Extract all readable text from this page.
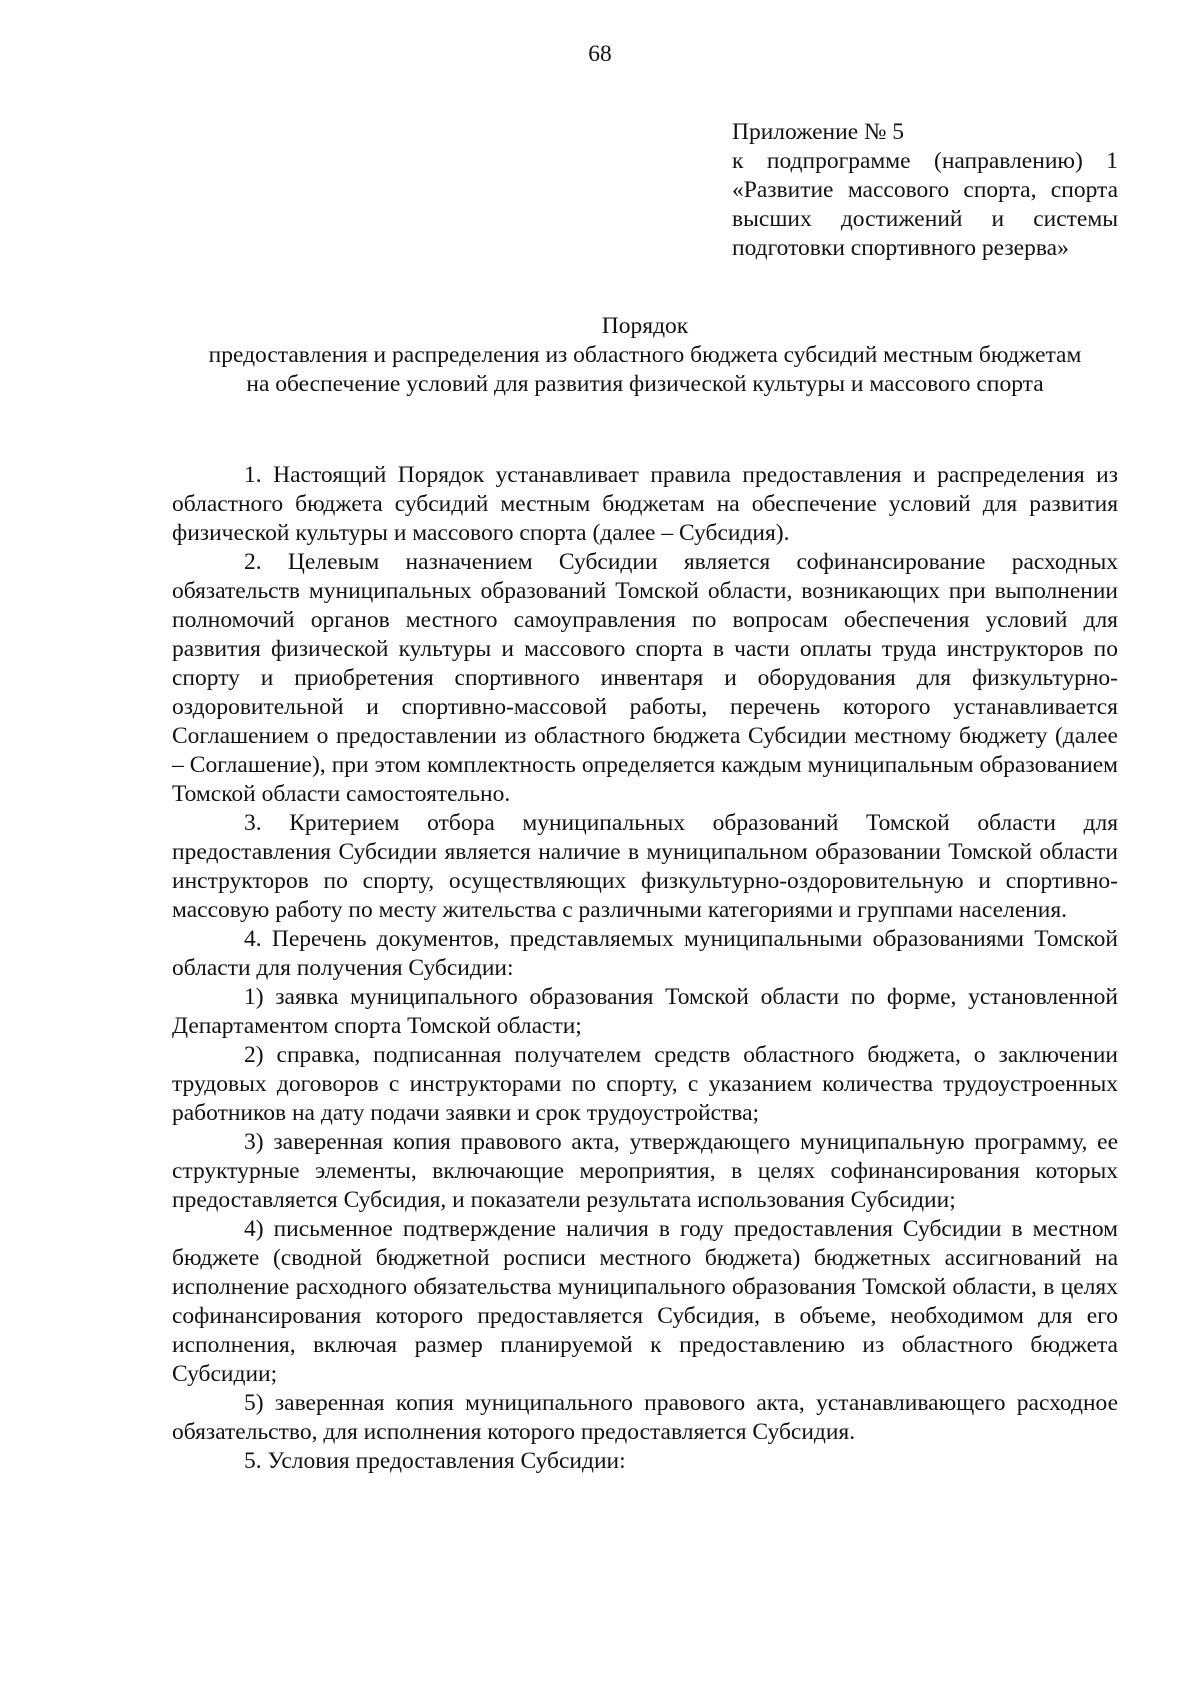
68
Приложение № 5
к подпрограмме (направлению) 1
«Развитие массового спорта, спорта
высших достижений и системы
подготовки спортивного резерва»
Порядок
предоставления и распределения из областного бюджета субсидий местным бюджетам
на обеспечение условий для развития физической культуры и массового спорта

1. Настоящий Порядок устанавливает правила предоставления и распределения из областного бюджета субсидий местным бюджетам на обеспечение условий для развития физической культуры и массового спорта (далее – Субсидия).

2. Целевым назначением Субсидии является софинансирование расходных обязательств муниципальных образований Томской области, возникающих при выполнении полномочий органов местного самоуправления по вопросам обеспечения условий для развития физической культуры и массового спорта в части оплаты труда инструкторов по спорту и приобретения спортивного инвентаря и оборудования для физкультурно-оздоровительной и спортивно-массовой работы, перечень которого устанавливается Соглашением о предоставлении из областного бюджета Субсидии местному бюджету (далее – Соглашение), при этом комплектность определяется каждым муниципальным образованием Томской области самостоятельно.

3. Критерием отбора муниципальных образований Томской области для предоставления Субсидии является наличие в муниципальном образовании Томской области инструкторов по спорту, осуществляющих физкультурно-оздоровительную и спортивно-массовую работу по месту жительства с различными категориями и группами населения.

4. Перечень документов, представляемых муниципальными образованиями Томской области для получения Субсидии:

1) заявка муниципального образования Томской области по форме, установленной Департаментом спорта Томской области;

2) справка, подписанная получателем средств областного бюджета, о заключении трудовых договоров с инструкторами по спорту, с указанием количества трудоустроенных работников на дату подачи заявки и срок трудоустройства;

3) заверенная копия правового акта, утверждающего муниципальную программу, ее структурные элементы, включающие мероприятия, в целях софинансирования которых предоставляется Субсидия, и показатели результата использования Субсидии;

4) письменное подтверждение наличия в году предоставления Субсидии в местном бюджете (сводной бюджетной росписи местного бюджета) бюджетных ассигнований на исполнение расходного обязательства муниципального образования Томской области, в целях софинансирования которого предоставляется Субсидия, в объеме, необходимом для его исполнения, включая размер планируемой к предоставлению из областного бюджета Субсидии;

5) заверенная копия муниципального правового акта, устанавливающего расходное обязательство, для исполнения которого предоставляется Субсидия.

5. Условия предоставления Субсидии:
